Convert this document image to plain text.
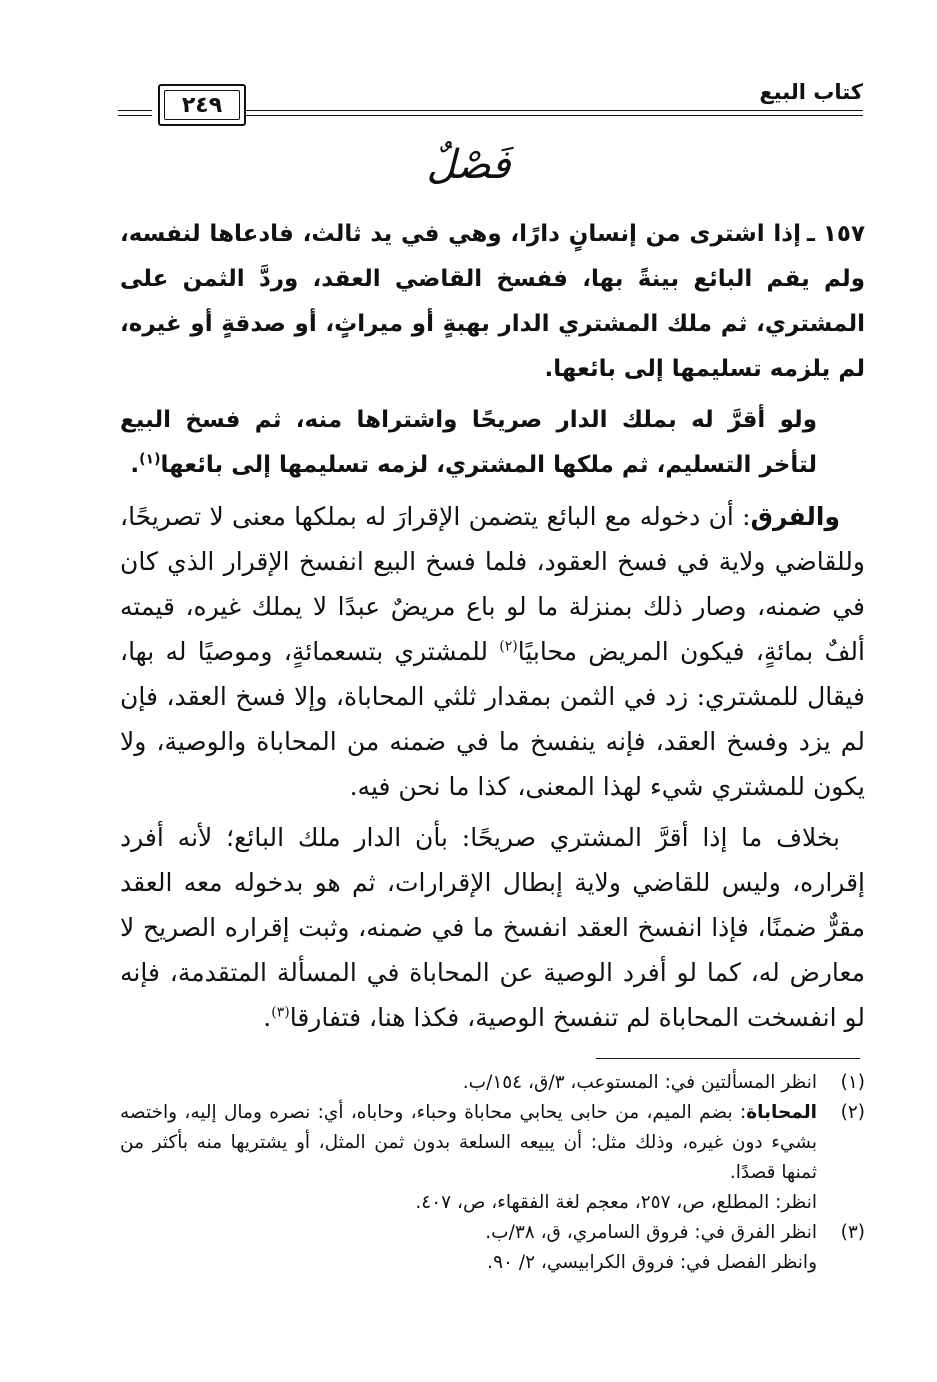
كتاب البيع
٢٤٩
فَصْلٌ

١٥٧ ـإذا اشترى من إنسانٍ دارًا، وهي في يد ثالث، فادعاها لنفسه، ولم يقم البائع بينةً بها، ففسخ القاضي العقد، وردَّ الثمن على المشتري، ثم ملك المشتري الدار بهبةٍ أو ميراثٍ، أو صدقةٍ أو غيره، لم يلزمه تسليمها إلى بائعها.

ولو أقرَّ له بملك الدار صريحًا واشتراها منه، ثم فسخ البيع لتأخر التسليم، ثم ملكها المشتري، لزمه تسليمها إلى بائعها$^{(١)}$.

 والفرق: أن دخوله مع البائع يتضمن الإقرارَ له بملكها معنى لا تصريحًا، وللقاضي ولاية في فسخ العقود، فلما فسخ البيع انفسخ الإقرار الذي كان في ضمنه، وصار ذلك بمنزلة ما لو باع مريضٌ عبدًا لا يملك غيره، قيمته ألفٌ بمائةٍ، فيكون المريض محابيًا$^{(٢)}$ للمشتري بتسعمائةٍ، وموصيًا له بها، فيقال للمشتري: زد في الثمن بمقدار ثلثي المحاباة، وإلا فسخ العقد، فإن لم يزد وفسخ العقد، فإنه ينفسخ ما في ضمنه من المحاباة والوصية، ولا يكون للمشتري شيء لهذا المعنى، كذا ما نحن فيه.

 بخلاف ما إذا أقرَّ المشتري صريحًا: بأن الدار ملك البائع؛ لأنه أفرد إقراره، وليس للقاضي ولاية إبطال الإقرارات، ثم هو بدخوله معه العقد مقرٌّ ضمنًا، فإذا انفسخ العقد انفسخ ما في ضمنه، وثبت إقراره الصريح لا معارض له، كما لو أفرد الوصية عن المحاباة في المسألة المتقدمة، فإنه لو انفسخت المحاباة لم تنفسخ الوصية، فكذا هنا، فتفارقا$^{(٣)}$.

(١)
انظر المسألتين في: المستوعب، ٣/ق، ١٥٤/ب.
(٢)
المحاباة: بضم الميم، من حابى يحابي محاباة وحباء، وحاباه، أي: نصره ومال إليه، واختصه بشيء دون غيره، وذلك مثل: أن يبيعه السلعة بدون ثمن المثل، أو يشتريها منه بأكثر من ثمنها قصدًا.
انظر: المطلع، ص، ٢٥٧، معجم لغة الفقهاء، ص، ٤٠٧.
(٣)
انظر الفرق في: فروق السامري، ق، ٣٨/ب.
وانظر الفصل في: فروق الكرابيسي، ٢/ ٩٠.
